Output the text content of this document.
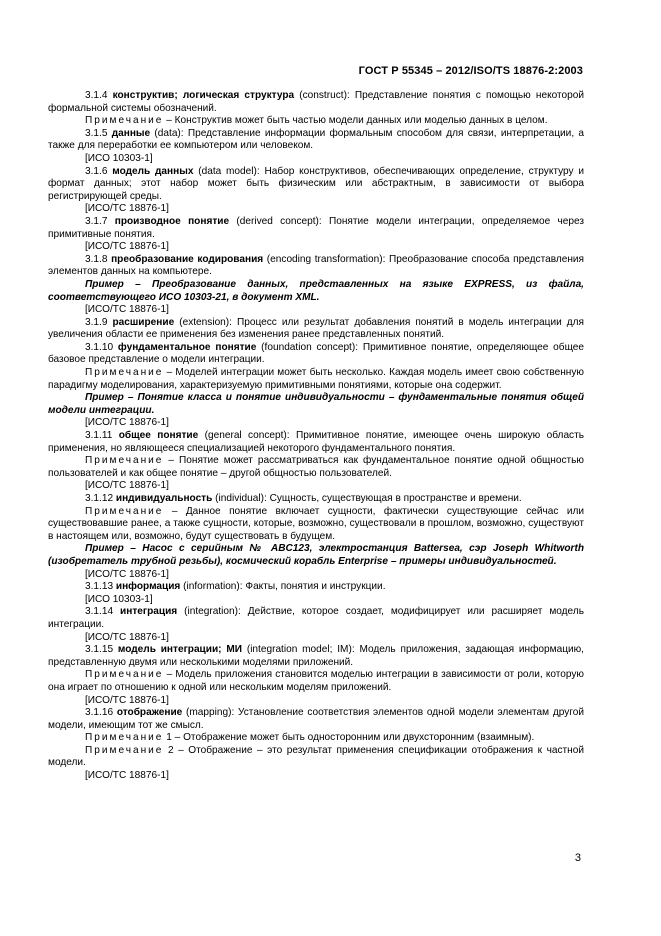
ГОСТ Р 55345 – 2012/ISO/TS 18876-2:2003

3.1.4 конструктив; логическая структура (construct): Представление понятия с помощью некоторой формальной системы обозначений.

Примечание – Конструктив может быть частью модели данных или моделью данных в целом.

3.1.5 данные (data): Представление информации формальным способом для связи, интерпретации, а также для переработки ее компьютером или человеком.

[ИСО 10303-1]

3.1.6 модель данных (data model): Набор конструктивов, обеспечивающих определение, структуру и формат данных; этот набор может быть физическим или абстрактным, в зависимости от выбора регистрирующей среды.

[ИСО/ТС 18876-1]

3.1.7 производное понятие (derived concept): Понятие модели интеграции, определяемое через примитивные понятия.

[ИСО/ТС 18876-1]

3.1.8 преобразование кодирования (encoding transformation): Преобразование способа представления элементов данных на компьютере.

Пример – Преобразование данных, представленных на языке EXPRESS, из файла, соответствующего ИСО 10303-21, в документ XML.

[ИСО/ТС 18876-1]

3.1.9 расширение (extension): Процесс или результат добавления понятий в модель интеграции для увеличения области ее применения без изменения ранее представленных понятий.

3.1.10 фундаментальное понятие (foundation concept): Примитивное понятие, определяющее общее базовое представление о модели интеграции.

Примечание – Моделей интеграции может быть несколько. Каждая модель имеет свою собственную парадигму моделирования, характеризуемую примитивными понятиями, которые она содержит.

Пример – Понятие класса и понятие индивидуальности – фундаментальные понятия общей модели интеграции.

[ИСО/ТС 18876-1]

3.1.11 общее понятие (general concept): Примитивное понятие, имеющее очень широкую область применения, но являющееся специализацией некоторого фундаментального понятия.

Примечание – Понятие может рассматриваться как фундаментальное понятие одной общностью пользователей и как общее понятие – другой общностью пользователей.

[ИСО/ТС 18876-1]

3.1.12 индивидуальность (individual): Сущность, существующая в пространстве и времени.

Примечание – Данное понятие включает сущности, фактически существующие сейчас или существовавшие ранее, а также сущности, которые, возможно, существовали в прошлом, возможно, существуют в настоящем или, возможно, будут существовать в будущем.

Пример – Насос с серийным № ABC123, электростанция Battersea, сэр Joseph Whitworth (изобретатель трубной резьбы), космический корабль Enterprise – примеры индивидуальностей.

[ИСО/ТС 18876-1]

3.1.13 информация (information): Факты, понятия и инструкции.

[ИСО 10303-1]

3.1.14 интеграция (integration): Действие, которое создает, модифицирует или расширяет модель интеграции.

[ИСО/ТС 18876-1]

3.1.15 модель интеграции; МИ (integration model; IM): Модель приложения, задающая информацию, представленную двумя или несколькими моделями приложений.

Примечание – Модель приложения становится моделью интеграции в зависимости от роли, которую она играет по отношению к одной или нескольким моделям приложений.

[ИСО/ТС 18876-1]

3.1.16 отображение (mapping): Установление соответствия элементов одной модели элементам другой модели, имеющим тот же смысл.

Примечание 1 – Отображение может быть односторонним или двухсторонним (взаимным).

Примечание 2 – Отображение – это результат применения спецификации отображения к частной модели.

[ИСО/ТС 18876-1]

3
